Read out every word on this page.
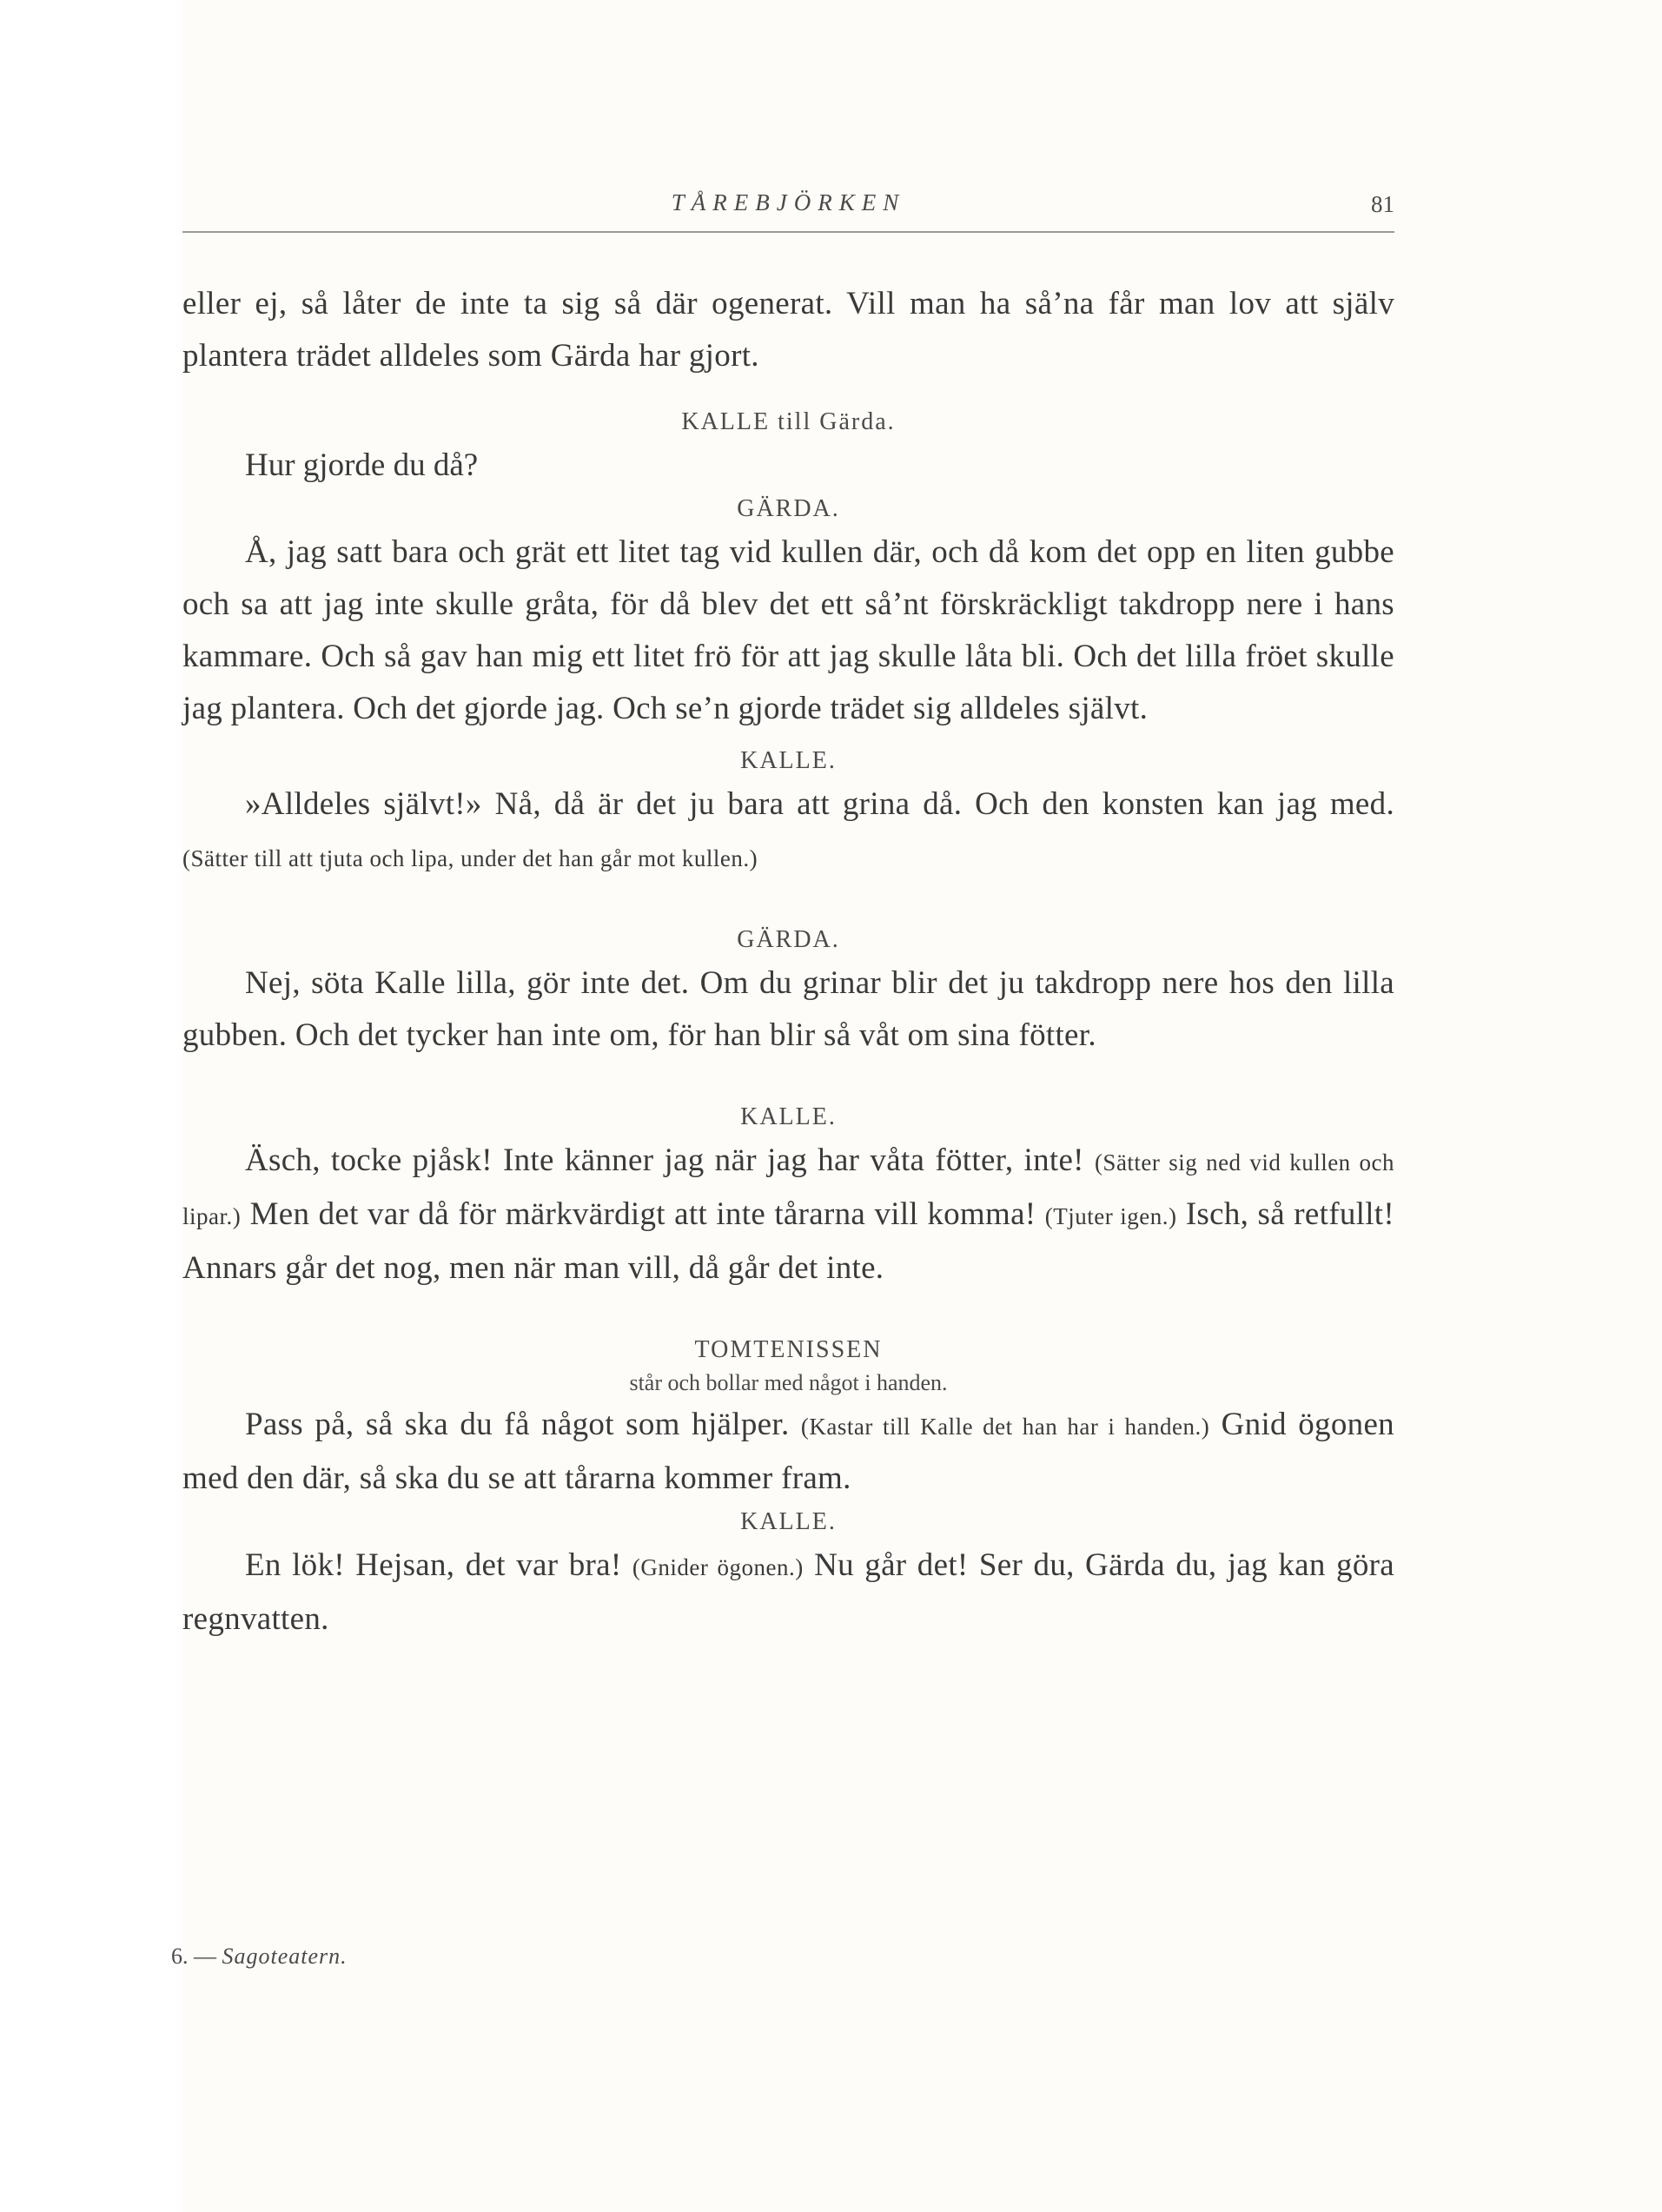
TÅREBJÖRKEN	81

eller ej, så låter de inte ta sig så där ogenerat. Vill man ha så’na får man lov att själv plantera trädet alldeles som Gärda har gjort.

KALLE till Gärda.

Hur gjorde du då?

GÄRDA.

Å, jag satt bara och grät ett litet tag vid kullen där, och då kom det opp en liten gubbe och sa att jag inte skulle gråta, för då blev det ett så’nt förskräckligt takdropp nere i hans kammare. Och så gav han mig ett litet frö för att jag skulle låta bli. Och det lilla fröet skulle jag plantera. Och det gjorde jag. Och se’n gjorde trädet sig alldeles självt.

KALLE.

»Alldeles självt!» Nå, då är det ju bara att grina då. Och den konsten kan jag med. (Sätter till att tjuta och lipa, under det han går mot kullen.)

GÄRDA.

Nej, söta Kalle lilla, gör inte det. Om du grinar blir det ju takdropp nere hos den lilla gubben. Och det tycker han inte om, för han blir så våt om sina fötter.

KALLE.

Äsch, tocke pjåsk! Inte känner jag när jag har våta fötter, inte! (Sätter sig ned vid kullen och lipar.) Men det var då för märkvärdigt att inte tårarna vill komma! (Tjuter igen.) Isch, så retfullt! Annars går det nog, men när man vill, då går det inte.

TOMTENISSEN

står och bollar med något i handen.

Pass på, så ska du få något som hjälper. (Kastar till Kalle det han har i handen.) Gnid ögonen med den där, så ska du se att tårarna kommer fram.

KALLE.

En lök! Hejsan, det var bra! (Gnider ögonen.) Nu går det! Ser du, Gärda du, jag kan göra regnvatten.

6. — Sagoteatern.
